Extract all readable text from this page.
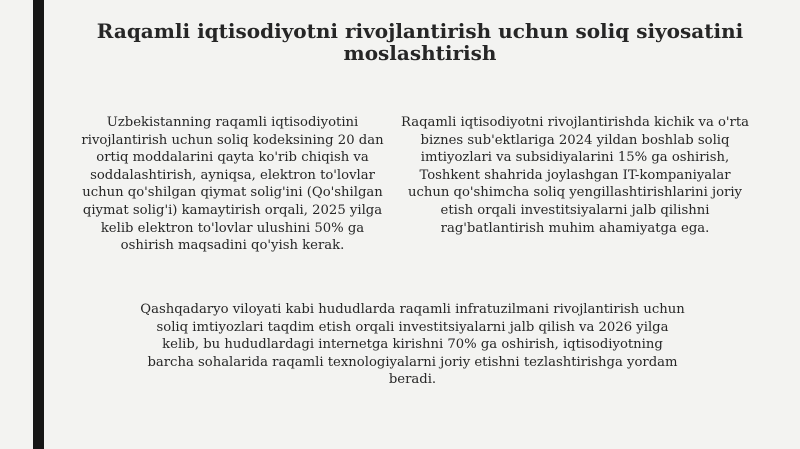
Raqamli iqtisodiyotni rivojlantirish uchun soliq siyosatini moslashtirish

Uzbekistanning raqamli iqtisodiyotini rivojlantirish uchun soliq kodeksining 20 dan ortiq moddalarini qayta ko'rib chiqish va soddalashtirish, ayniqsa, elektron to'lovlar uchun qo'shilgan qiymat solig'ini (Qo'shilgan qiymat solig'i) kamaytirish orqali, 2025 yilga kelib elektron to'lovlar ulushini 50% ga oshirish maqsadini qo'yish kerak.

Raqamli iqtisodiyotni rivojlantirishda kichik va o'rta biznes sub'ektlariga 2024 yildan boshlab soliq imtiyozlari va subsidiyalarini 15% ga oshirish, Toshkent shahrida joylashgan IT-kompaniyalar uchun qo'shimcha soliq yengillashtirishlarini joriy etish orqali investitsiyalarni jalb qilishni rag'batlantirish muhim ahamiyatga ega.

Qashqadaryo viloyati kabi hududlarda raqamli infratuzilmani rivojlantirish uchun soliq imtiyozlari taqdim etish orqali investitsiyalarni jalb qilish va 2026 yilga kelib, bu hududlardagi internetga kirishni 70% ga oshirish, iqtisodiyotning barcha sohalarida raqamli texnologiyalarni joriy etishni tezlashtirishga yordam beradi.
